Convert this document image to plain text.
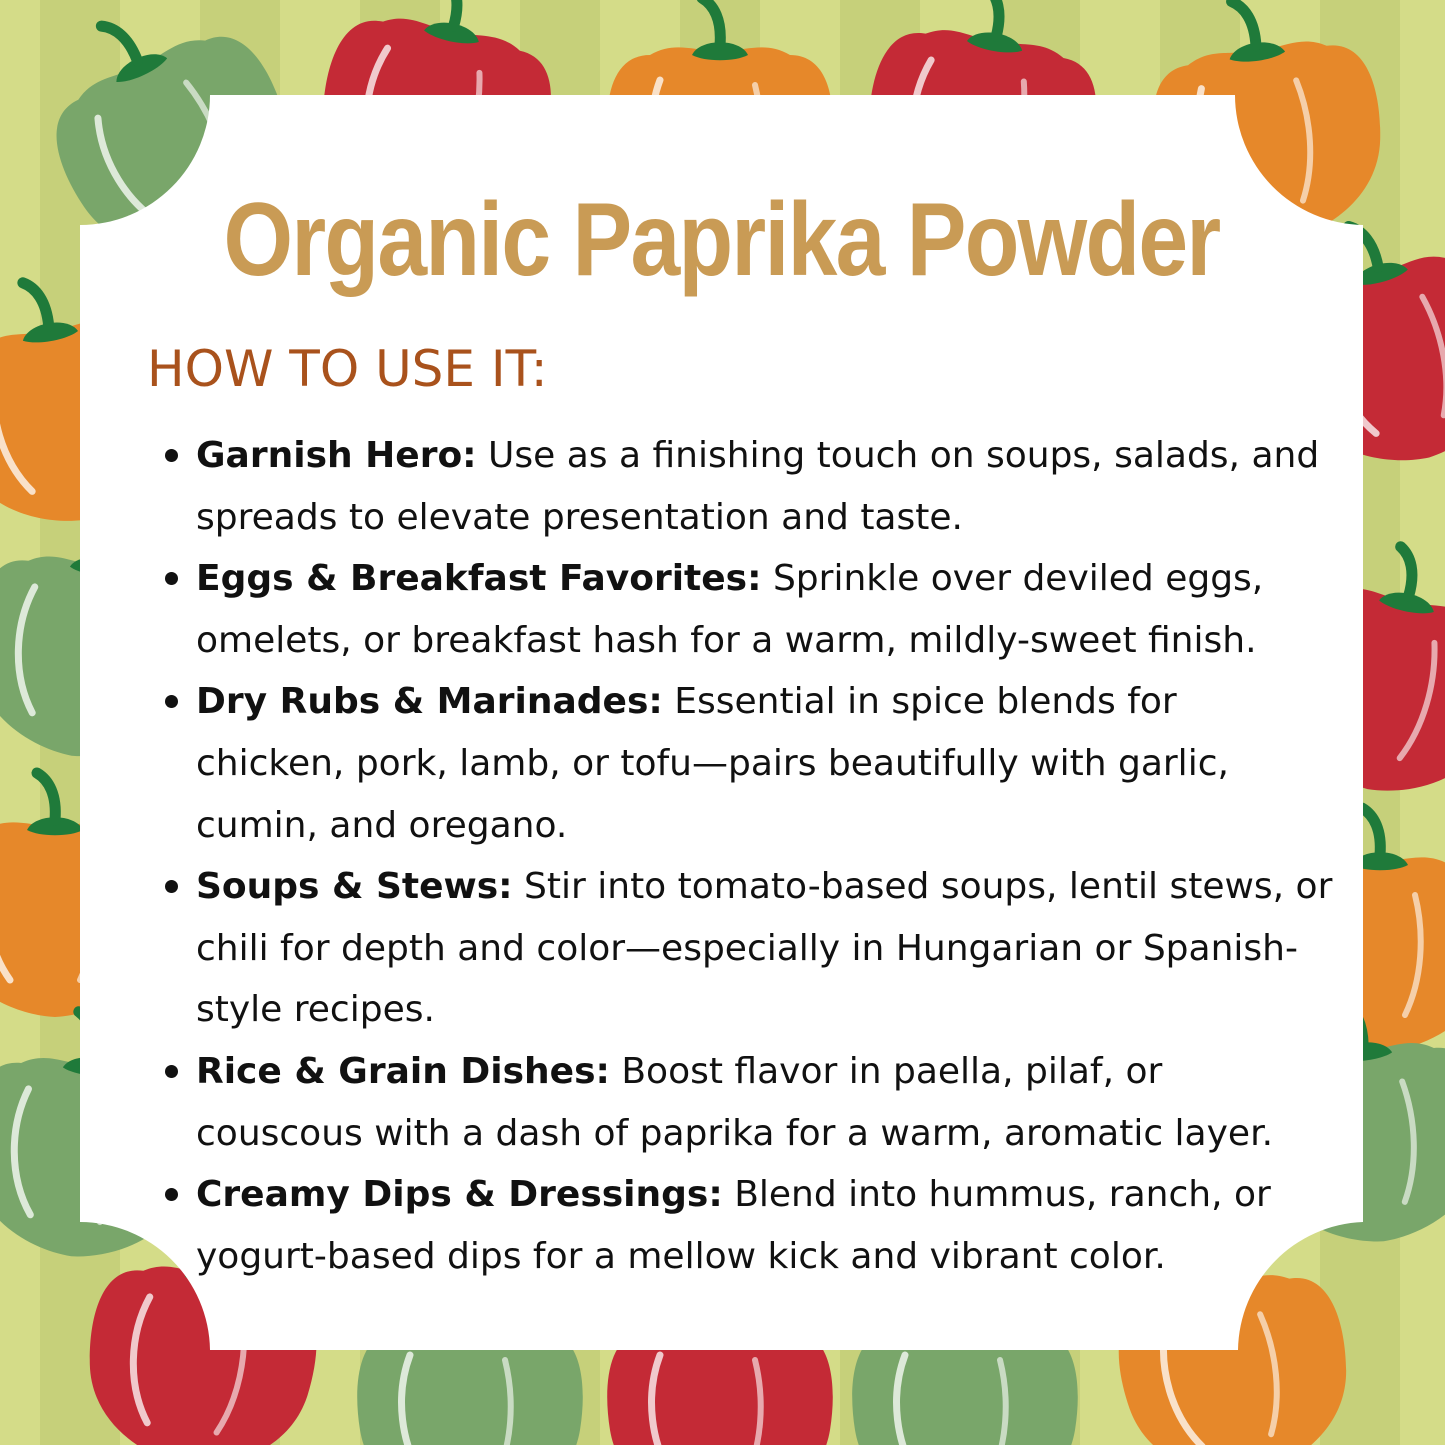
Organic Paprika Powder
HOW TO USE IT:
Garnish Hero: Use as a finishing touch on soups, salads, and spreads to elevate presentation and taste.
Eggs & Breakfast Favorites: Sprinkle over deviled eggs, omelets, or breakfast hash for a warm, mildly-sweet finish.
Dry Rubs & Marinades: Essential in spice blends for chicken, pork, lamb, or tofu—pairs beautifully with garlic, cumin, and oregano.
Soups & Stews: Stir into tomato-based soups, lentil stews, or chili for depth and color—especially in Hungarian or Spanish-style recipes.
Rice & Grain Dishes: Boost flavor in paella, pilaf, or couscous with a dash of paprika for a warm, aromatic layer.
Creamy Dips & Dressings: Blend into hummus, ranch, or yogurt-based dips for a mellow kick and vibrant color.
